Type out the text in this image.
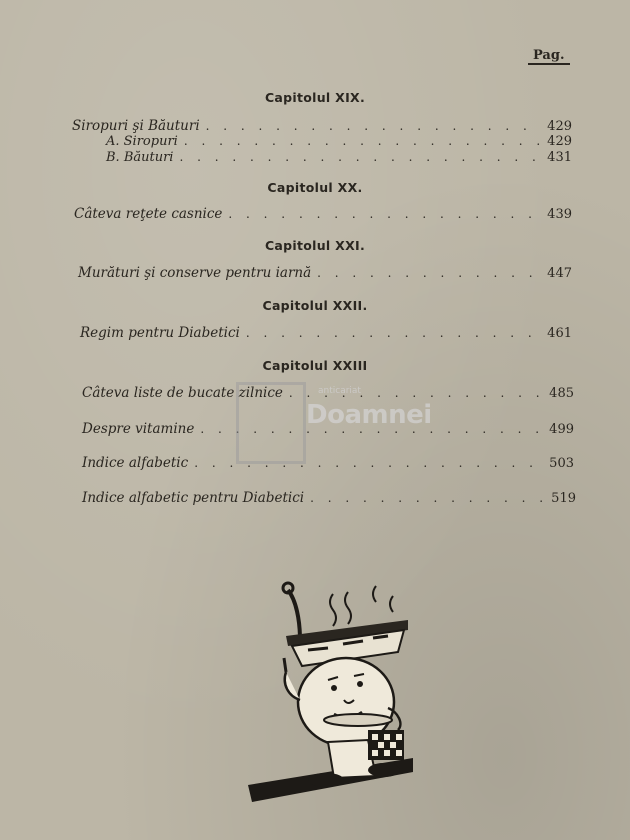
Pag.
Capitolul XIX.
Siropuri şi Băuturi . . .	429
A. Siropuri . . .	429
B. Băuturi . . .	431
Capitolul XX.
Câteva reţete casnice . . .	439
Capitolul XXI.
Murături şi conserve pentru iarnă . . .	447
Capitolul XXII.
Regim pentru Diabetici . . .	461
Capitolul XXIII
Câteva liste de bucate zilnice . . .	485
Despre vitamine . . .	499
Indice alfabetic . . .	503
Indice alfabetic pentru Diabetici . . .	519
anticariat
Doamnei
